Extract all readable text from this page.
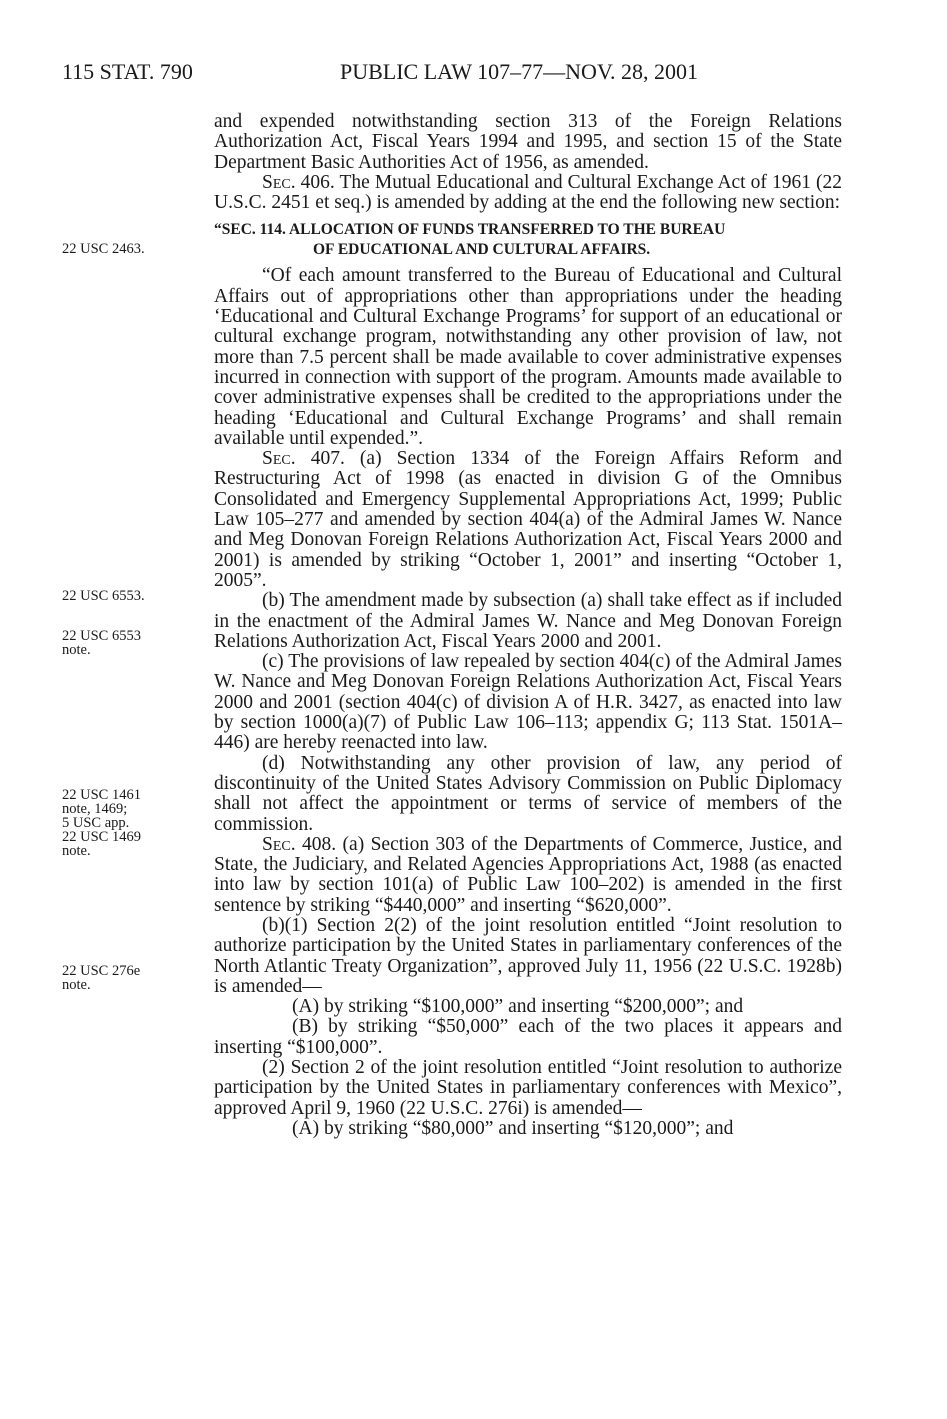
115 STAT. 790	PUBLIC LAW 107–77—NOV. 28, 2001
22 USC 2463.
22 USC 6553.
22 USC 6553
note.
22 USC 1461
note, 1469;
5 USC app.
22 USC 1469
note.
22 USC 276e
note.

and expended notwithstanding section 313 of the Foreign Relations Authorization Act, Fiscal Years 1994 and 1995, and section 15 of the State Department Basic Authorities Act of 1956, as amended.

Sec. 406. The Mutual Educational and Cultural Exchange Act of 1961 (22 U.S.C. 2451 et seq.) is amended by adding at the end the following new section:

“SEC. 114. ALLOCATION OF FUNDS TRANSFERRED TO THE BUREAU
OF EDUCATIONAL AND CULTURAL AFFAIRS.

“Of each amount transferred to the Bureau of Educational and Cultural Affairs out of appropriations other than appropriations under the heading ‘Educational and Cultural Exchange Programs’ for support of an educational or cultural exchange program, notwithstanding any other provision of law, not more than 7.5 percent shall be made available to cover administrative expenses incurred in connection with support of the program. Amounts made available to cover administrative expenses shall be credited to the appropriations under the heading ‘Educational and Cultural Exchange Programs’ and shall remain available until expended.”.

Sec. 407. (a) Section 1334 of the Foreign Affairs Reform and Restructuring Act of 1998 (as enacted in division G of the Omnibus Consolidated and Emergency Supplemental Appropriations Act, 1999; Public Law 105–277 and amended by section 404(a) of the Admiral James W. Nance and Meg Donovan Foreign Relations Authorization Act, Fiscal Years 2000 and 2001) is amended by striking “October 1, 2001” and inserting “October 1, 2005”.

(b) The amendment made by subsection (a) shall take effect as if included in the enactment of the Admiral James W. Nance and Meg Donovan Foreign Relations Authorization Act, Fiscal Years 2000 and 2001.

(c) The provisions of law repealed by section 404(c) of the Admiral James W. Nance and Meg Donovan Foreign Relations Authorization Act, Fiscal Years 2000 and 2001 (section 404(c) of division A of H.R. 3427, as enacted into law by section 1000(a)(7) of Public Law 106–113; appendix G; 113 Stat. 1501A–446) are hereby reenacted into law.

(d) Notwithstanding any other provision of law, any period of discontinuity of the United States Advisory Commission on Public Diplomacy shall not affect the appointment or terms of service of members of the commission.

Sec. 408. (a) Section 303 of the Departments of Commerce, Justice, and State, the Judiciary, and Related Agencies Appropriations Act, 1988 (as enacted into law by section 101(a) of Public Law 100–202) is amended in the first sentence by striking “$440,000” and inserting “$620,000”.

(b)(1) Section 2(2) of the joint resolution entitled “Joint resolution to authorize participation by the United States in parliamentary conferences of the North Atlantic Treaty Organization”, approved July 11, 1956 (22 U.S.C. 1928b) is amended—

(A) by striking “$100,000” and inserting “$200,000”; and

(B) by striking “$50,000” each of the two places it appears and inserting “$100,000”.

(2) Section 2 of the joint resolution entitled “Joint resolution to authorize participation by the United States in parliamentary conferences with Mexico”, approved April 9, 1960 (22 U.S.C. 276i) is amended—

(A) by striking “$80,000” and inserting “$120,000”; and
